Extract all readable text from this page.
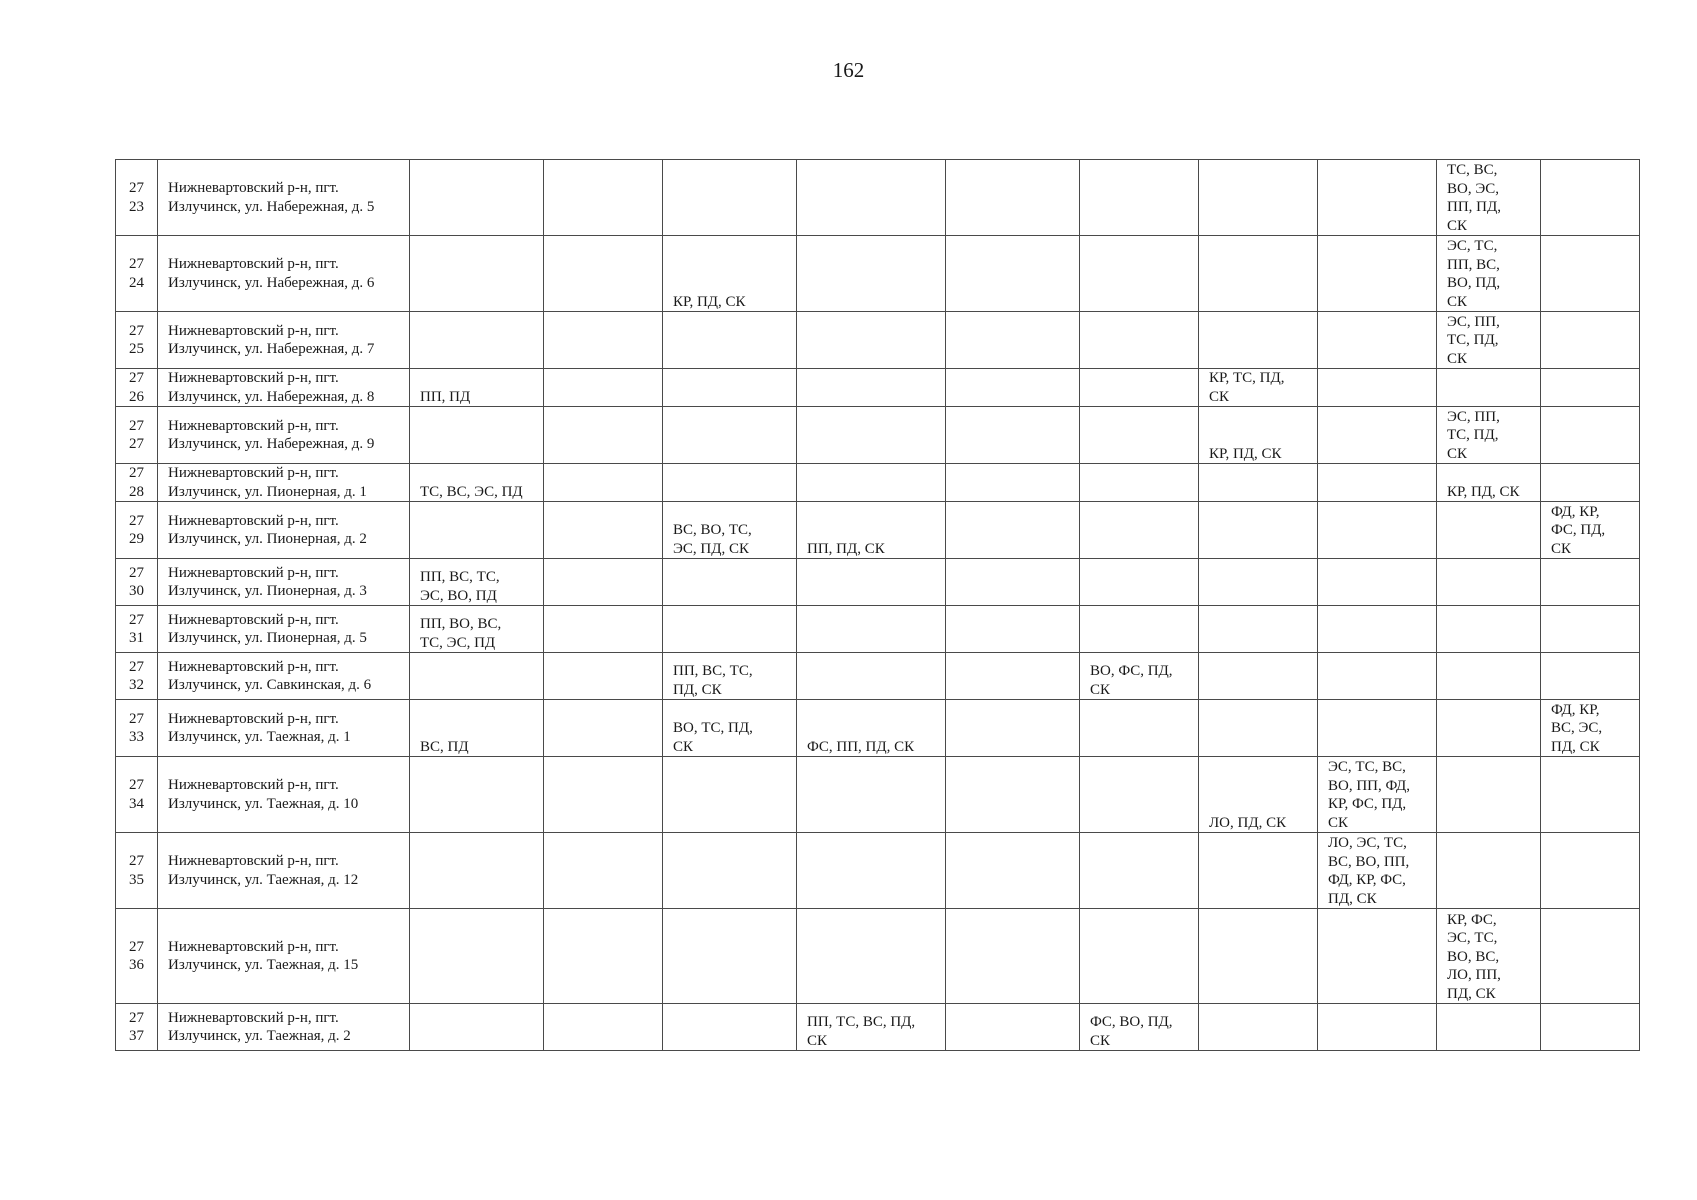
162
27
23	Нижневартовский р-н, пгт.
Излучинск, ул. Набережная, д. 5									ТС, ВС,
ВО, ЭС,
ПП, ПД,
СК	
27
24	Нижневартовский р-н, пгт.
Излучинск, ул. Набережная, д. 6			КР, ПД, СК						ЭС, ТС,
ПП, ВС,
ВО, ПД,
СК	
27
25	Нижневартовский р-н, пгт.
Излучинск, ул. Набережная, д. 7									ЭС, ПП,
ТС, ПД,
СК	
27
26	Нижневартовский р-н, пгт.
Излучинск, ул. Набережная, д. 8	ПП, ПД						КР, ТС, ПД,
СК			
27
27	Нижневартовский р-н, пгт.
Излучинск, ул. Набережная, д. 9							КР, ПД, СК		ЭС, ПП,
ТС, ПД,
СК	
27
28	Нижневартовский р-н, пгт.
Излучинск, ул. Пионерная, д. 1	ТС, ВС, ЭС, ПД								КР, ПД, СК	
27
29	Нижневартовский р-н, пгт.
Излучинск, ул. Пионерная, д. 2			ВС, ВО, ТС,
ЭС, ПД, СК	ПП, ПД, СК						ФД, КР,
ФС, ПД,
СК
27
30	Нижневартовский р-н, пгт.
Излучинск, ул. Пионерная, д. 3	ПП, ВС, ТС,
ЭС, ВО, ПД									
27
31	Нижневартовский р-н, пгт.
Излучинск, ул. Пионерная, д. 5	ПП, ВО, ВС,
ТС, ЭС, ПД									
27
32	Нижневартовский р-н, пгт.
Излучинск, ул. Савкинская, д. 6			ПП, ВС, ТС,
ПД, СК			ВО, ФС, ПД,
СК				
27
33	Нижневартовский р-н, пгт.
Излучинск, ул. Таежная, д. 1	ВС, ПД		ВО, ТС, ПД,
СК	ФС, ПП, ПД, СК						ФД, КР,
ВС, ЭС,
ПД, СК
27
34	Нижневартовский р-н, пгт.
Излучинск, ул. Таежная, д. 10							ЛО, ПД, СК	ЭС, ТС, ВС,
ВО, ПП, ФД,
КР, ФС, ПД,
СК		
27
35	Нижневартовский р-н, пгт.
Излучинск, ул. Таежная, д. 12								ЛО, ЭС, ТС,
ВС, ВО, ПП,
ФД, КР, ФС,
ПД, СК		
27
36	Нижневартовский р-н, пгт.
Излучинск, ул. Таежная, д. 15									КР, ФС,
ЭС, ТС,
ВО, ВС,
ЛО, ПП,
ПД, СК	
27
37	Нижневартовский р-н, пгт.
Излучинск, ул. Таежная, д. 2				ПП, ТС, ВС, ПД,
СК		ФС, ВО, ПД,
СК				
